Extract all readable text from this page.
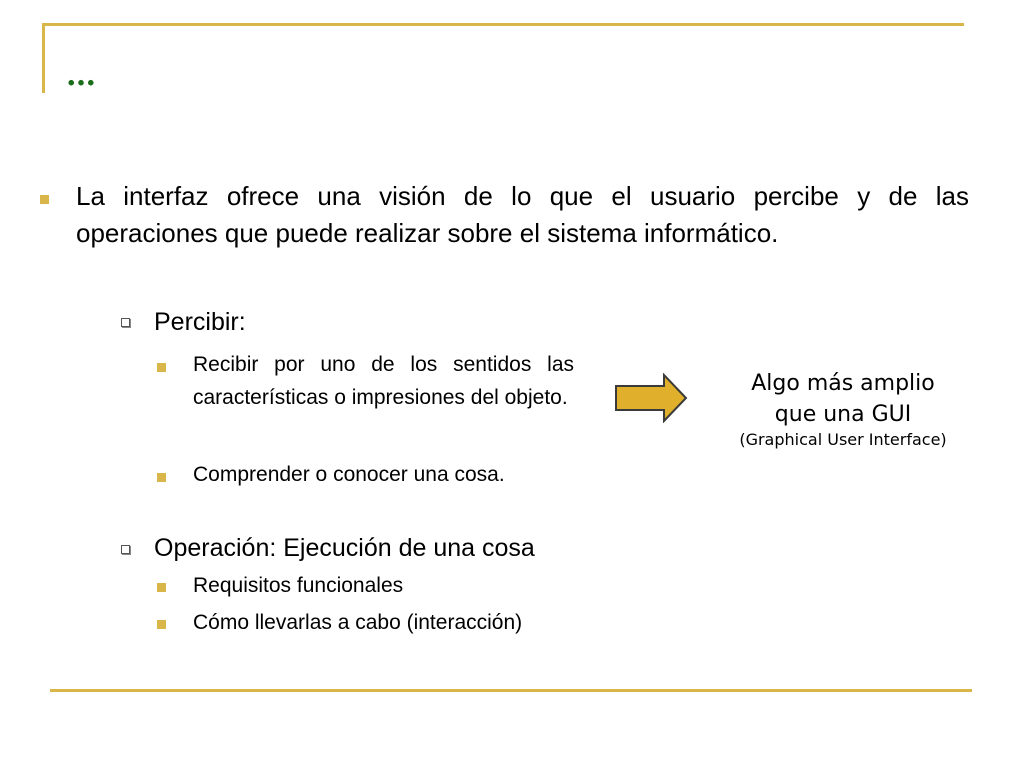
…
La interfaz ofrece una visión de lo que el usuario percibe y de las operaciones que puede realizar sobre el sistema informático.
Percibir:
Recibir por uno de los sentidos las características o impresiones del objeto.
Comprender o conocer una cosa.
Operación: Ejecución de una cosa
Requisitos funcionales
Cómo llevarlas a cabo (interacción)
Algo más amplio
que una GUI
(Graphical User Interface)
